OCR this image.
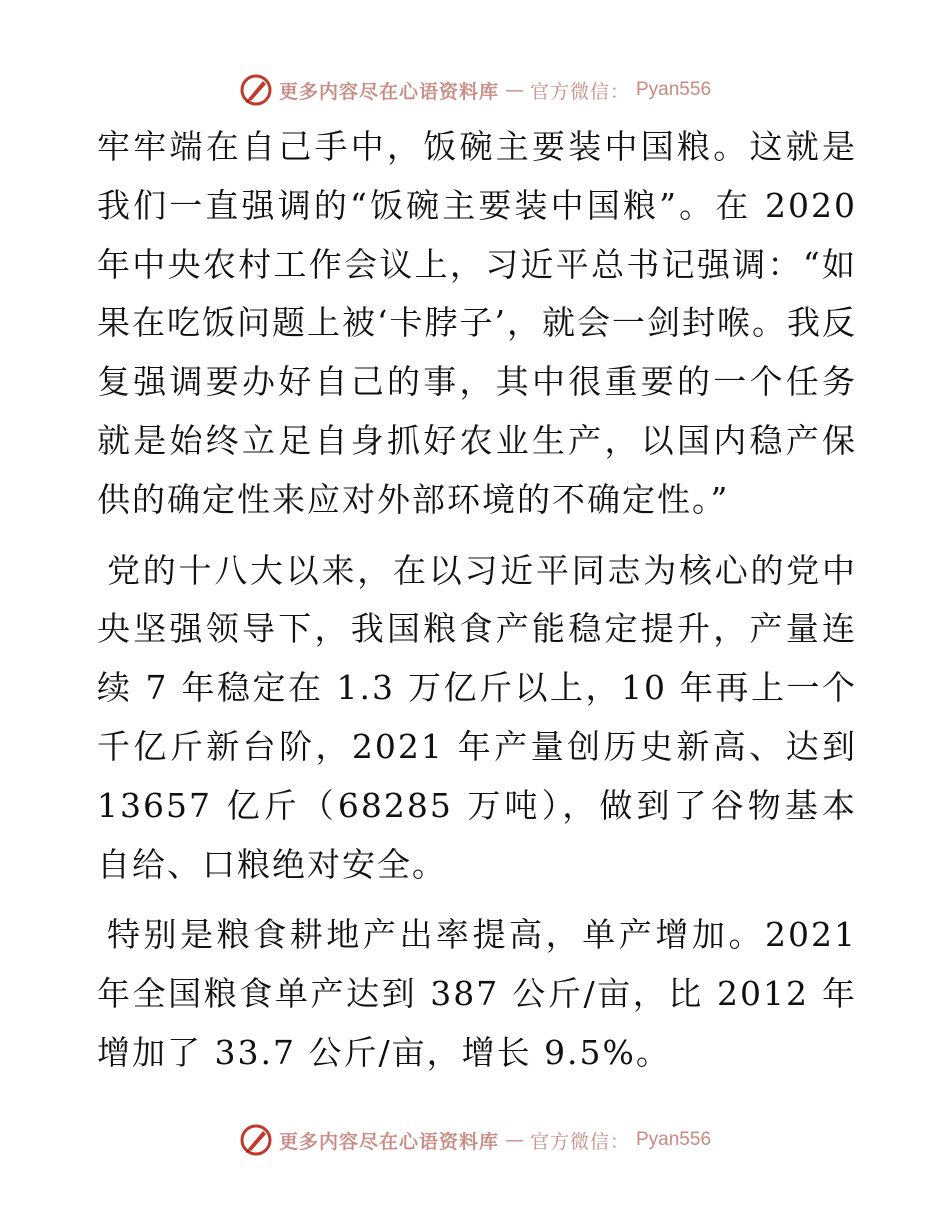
更多内容尽在心语资料库 — 官方微信： Pyan556

牢牢端在自己手中，饭碗主要装中国粮。这就是我们一直强调的“饭碗主要装中国粮”。在 2020 年中央农村工作会议上，习近平总书记强调：“如果在吃饭问题上被‘卡脖子’，就会一剑封喉。我反复强调要办好自己的事，其中很重要的一个任务就是始终立足自身抓好农业生产，以国内稳产保供的确定性来应对外部环境的不确定性。”

党的十八大以来，在以习近平同志为核心的党中央坚强领导下，我国粮食产能稳定提升，产量连续 7 年稳定在 1.3 万亿斤以上，10 年再上一个千亿斤新台阶，2021 年产量创历史新高、达到 13657 亿斤（68285 万吨），做到了谷物基本自给、口粮绝对安全。

特别是粮食耕地产出率提高，单产增加。2021 年全国粮食单产达到 387 公斤/亩，比 2012 年增加了 33.7 公斤/亩，增长 9.5%。

更多内容尽在心语资料库 — 官方微信： Pyan556
